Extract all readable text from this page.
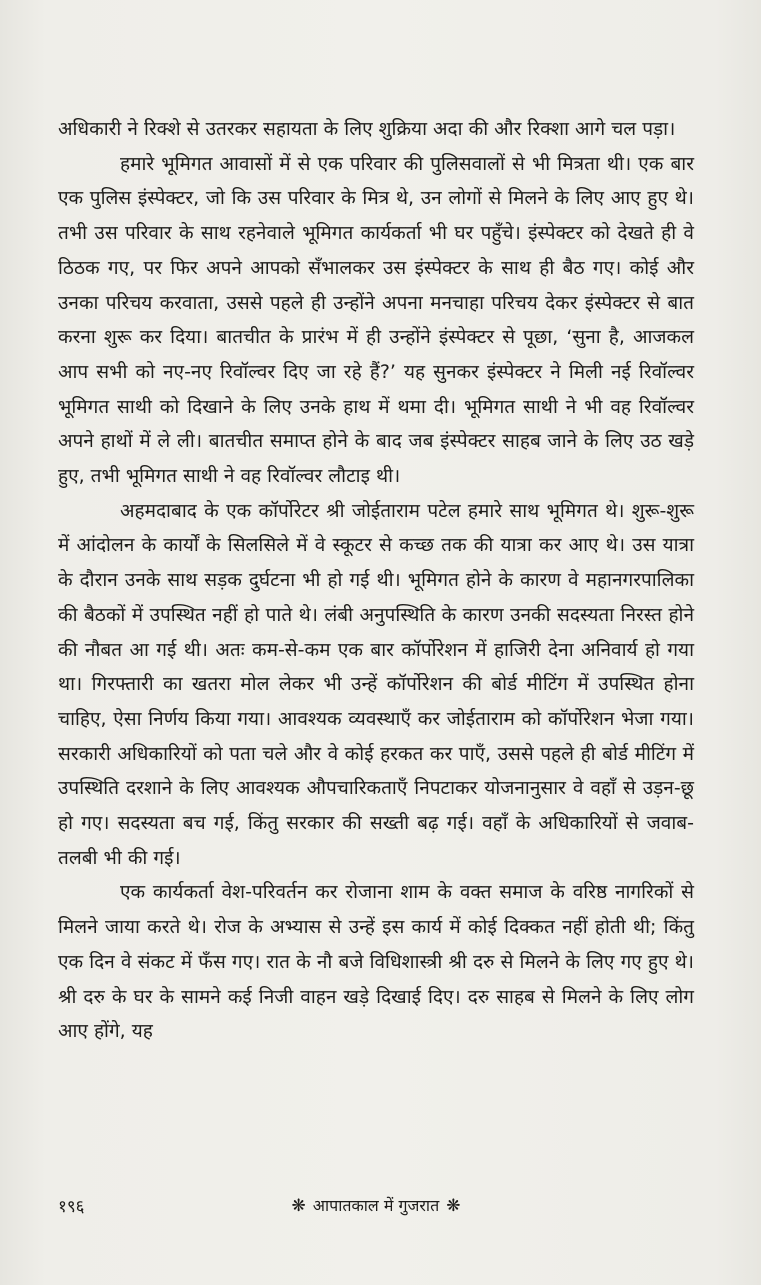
अधिकारी ने रिक्शे से उतरकर सहायता के लिए शुक्रिया अदा की और रिक्शा आगे चल पड़ा।

हमारे भूमिगत आवासों में से एक परिवार की पुलिसवालों से भी मित्रता थी। एक बार एक पुलिस इंस्पेक्टर, जो कि उस परिवार के मित्र थे, उन लोगों से मिलने के लिए आए हुए थे। तभी उस परिवार के साथ रहनेवाले भूमिगत कार्यकर्ता भी घर पहुँचे। इंस्पेक्टर को देखते ही वे ठिठक गए, पर फिर अपने आपको सँभालकर उस इंस्पेक्टर के साथ ही बैठ गए। कोई और उनका परिचय करवाता, उससे पहले ही उन्होंने अपना मनचाहा परिचय देकर इंस्पेक्टर से बात करना शुरू कर दिया। बातचीत के प्रारंभ में ही उन्होंने इंस्पेक्टर से पूछा, ‘सुना है, आजकल आप सभी को नए-नए रिवॉल्वर दिए जा रहे हैं?’ यह सुनकर इंस्पेक्टर ने मिली नई रिवॉल्वर भूमिगत साथी को दिखाने के लिए उनके हाथ में थमा दी। भूमिगत साथी ने भी वह रिवॉल्वर अपने हाथों में ले ली। बातचीत समाप्त होने के बाद जब इंस्पेक्टर साहब जाने के लिए उठ खड़े हुए, तभी भूमिगत साथी ने वह रिवॉल्वर लौटाइ थी।

अहमदाबाद के एक कॉर्पोरेटर श्री जोईताराम पटेल हमारे साथ भूमिगत थे। शुरू-शुरू में आंदोलन के कार्यों के सिलसिले में वे स्कूटर से कच्छ तक की यात्रा कर आए थे। उस यात्रा के दौरान उनके साथ सड़क दुर्घटना भी हो गई थी। भूमिगत होने के कारण वे महानगरपालिका की बैठकों में उपस्थित नहीं हो पाते थे। लंबी अनुपस्थिति के कारण उनकी सदस्यता निरस्त होने की नौबत आ गई थी। अतः कम-से-कम एक बार कॉर्पोरेशन में हाजिरी देना अनिवार्य हो गया था। गिरफ्तारी का खतरा मोल लेकर भी उन्हें कॉर्पोरेशन की बोर्ड मीटिंग में उपस्थित होना चाहिए, ऐसा निर्णय किया गया। आवश्यक व्यवस्थाएँ कर जोईताराम को कॉर्पोरेशन भेजा गया। सरकारी अधिकारियों को पता चले और वे कोई हरकत कर पाएँ, उससे पहले ही बोर्ड मीटिंग में उपस्थिति दरशाने के लिए आवश्यक औपचारिकताएँ निपटाकर योजनानुसार वे वहाँ से उड़न-छू हो गए। सदस्यता बच गई, किंतु सरकार की सख्ती बढ़ गई। वहाँ के अधिकारियों से जवाब-तलबी भी की गई।

एक कार्यकर्ता वेश-परिवर्तन कर रोजाना शाम के वक्त समाज के वरिष्ठ नागरिकों से मिलने जाया करते थे। रोज के अभ्यास से उन्हें इस कार्य में कोई दिक्कत नहीं होती थी; किंतु एक दिन वे संकट में फँस गए। रात के नौ बजे विधिशास्त्री श्री दरु से मिलने के लिए गए हुए थे। श्री दरु के घर के सामने कई निजी वाहन खड़े दिखाई दिए। दरु साहब से मिलने के लिए लोग आए होंगे, यह

१९६	❋ आपातकाल में गुजरात ❋
